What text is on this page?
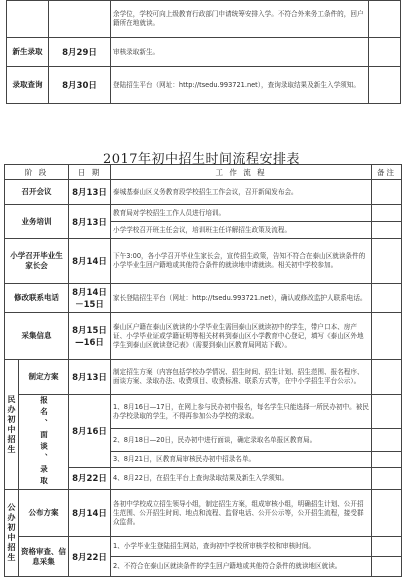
		余学位，学校可向上级教育行政部门申请统筹安排入学。不符合外来务工条件的，回户籍所在地就读。	
新生录取	8月29日	审核录取新生。	
录取查询	8月30日	登陆招生平台（网址：http://tsedu.993721.net），查询录取结果及新生入学须知。	
2017年初中招生时间流程安排表
阶 段		日 期	工 作 流 程	备注
召开会议		8月13日	泰城基泰山区义务教育段学校招生工作会议，召开新闻发布会。	
业务培训		8月13日	教育局对学校招生工作人员进行培训。	
			小学学校召开班主任会议，培训班主任详解招生政策及流程。	
小学召开毕业生家长会		8月14日	下午3:00，各小学召开毕业生家长会，宣传招生政策，告知不符合在泰山区就读条件的小学毕业生回户籍地或其他符合条件的就读地申请就读。相关初中学校参加。	
修改联系电话		8月14日－15日	家长登陆招生平台（网址：http://tsedu.993721.net），确认或修改监护人联系电话。	
采集信息		8月15日—16日	泰山区户籍在泰山区就读的小学毕业生需回泰山区就读初中的学生，带户口本、房产证、小学毕业证或学籍证明等相关材料到泰山区小学教育中心登记，填写《泰山区外地学生到泰山区就读登记表》（需要到泰山区教育局网站下载）。	
民办初中招生	制定方案	8月13日	制定招生方案（内容包括学校办学情况、招生时间、招生计划、招生范围、报名程序、面谈方案、录取办法、收费项目、收费标准、联系方式等，在中小学招生平台公示）。	
	报名、面谈、录取	8月16日	1、8月16日—17日，在网上参与民办初中报名，每名学生只能选择一所民办初中。被民办学校录取的学生，不得再参加公办学校的录取。	
			2、8月18日—20日，民办初中进行面谈，确定录取名单报区教育局。	
			3、8月21日，区教育局审核民办初中招录名单。	
		8月22日	4、8月22日，在招生平台上查询录取结果及新生入学须知。	
公办初中招生	公布方案	8月14日	各初中学校成立招生领导小组，制定招生方案，组成审核小组，明确招生计划、公开招生范围、公开招生时间、地点和流程、监督电话、公开公示等，公开招生流程，接受群众监督。	
	资格审查、信息采集	8月22日	1、小学毕业生登陆招生网站，查询初中学校所审核学校和审核时间。	
			2、不符合在泰山区就读条件的学生回户籍地或其他符合条件的就读地区就读。	
